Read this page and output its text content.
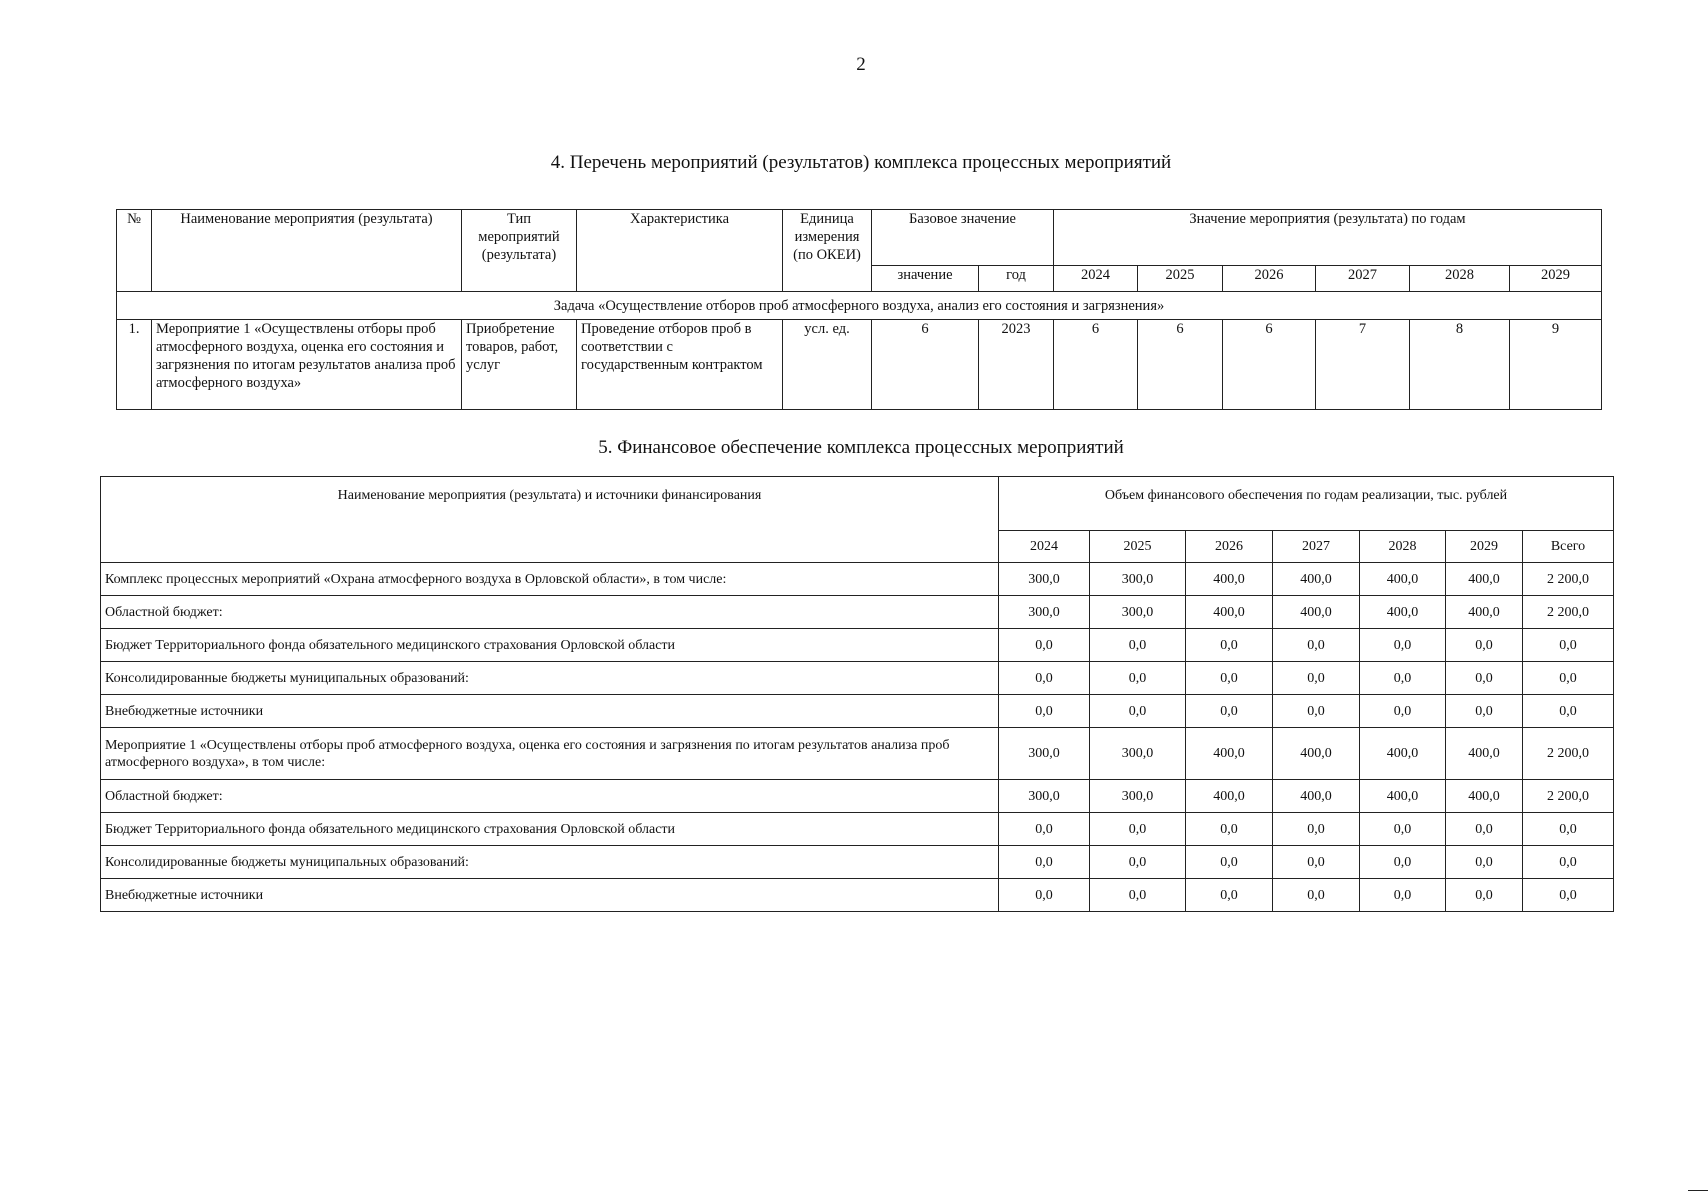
2
4. Перечень мероприятий (результатов) комплекса процессных мероприятий
№	Наименование мероприятия (результата)	Тип мероприятий (результата)	Характеристика	Единица измерения (по ОКЕИ)	Базовое значение		Значение мероприятия (результата) по годам					
					значение	год	2024	2025	2026	2027	2028	2029
Задача «Осуществление отборов проб атмосферного воздуха, анализ его состояния и загрязнения»												
1.	Мероприятие 1 «Осуществлены отборы проб атмосферного воздуха, оценка его состояния и загрязнения по итогам результатов анализа проб атмосферного воздуха»	Приобретение товаров, работ, услуг	Проведение отборов проб в соответствии с государственным контрактом	усл. ед.	6	2023	6	6	6	7	8	9
5. Финансовое обеспечение комплекса процессных мероприятий
Наименование мероприятия (результата) и источники финансирования	Объем финансового обеспечения по годам реализации, тыс. рублей						
	2024	2025	2026	2027	2028	2029	Всего
Комплекс процессных мероприятий «Охрана атмосферного воздуха в Орловской области», в том числе:	300,0	300,0	400,0	400,0	400,0	400,0	2 200,0
Областной бюджет:	300,0	300,0	400,0	400,0	400,0	400,0	2 200,0
Бюджет Территориального фонда обязательного медицинского страхования Орловской области	0,0	0,0	0,0	0,0	0,0	0,0	0,0
Консолидированные бюджеты муниципальных образований:	0,0	0,0	0,0	0,0	0,0	0,0	0,0
Внебюджетные источники	0,0	0,0	0,0	0,0	0,0	0,0	0,0
Мероприятие 1 «Осуществлены отборы проб атмосферного воздуха, оценка его состояния и загрязнения по итогам результатов анализа проб атмосферного воздуха», в том числе:	300,0	300,0	400,0	400,0	400,0	400,0	2 200,0
Областной бюджет:	300,0	300,0	400,0	400,0	400,0	400,0	2 200,0
Бюджет Территориального фонда обязательного медицинского страхования Орловской области	0,0	0,0	0,0	0,0	0,0	0,0	0,0
Консолидированные бюджеты муниципальных образований:	0,0	0,0	0,0	0,0	0,0	0,0	0,0
Внебюджетные источники	0,0	0,0	0,0	0,0	0,0	0,0	0,0
